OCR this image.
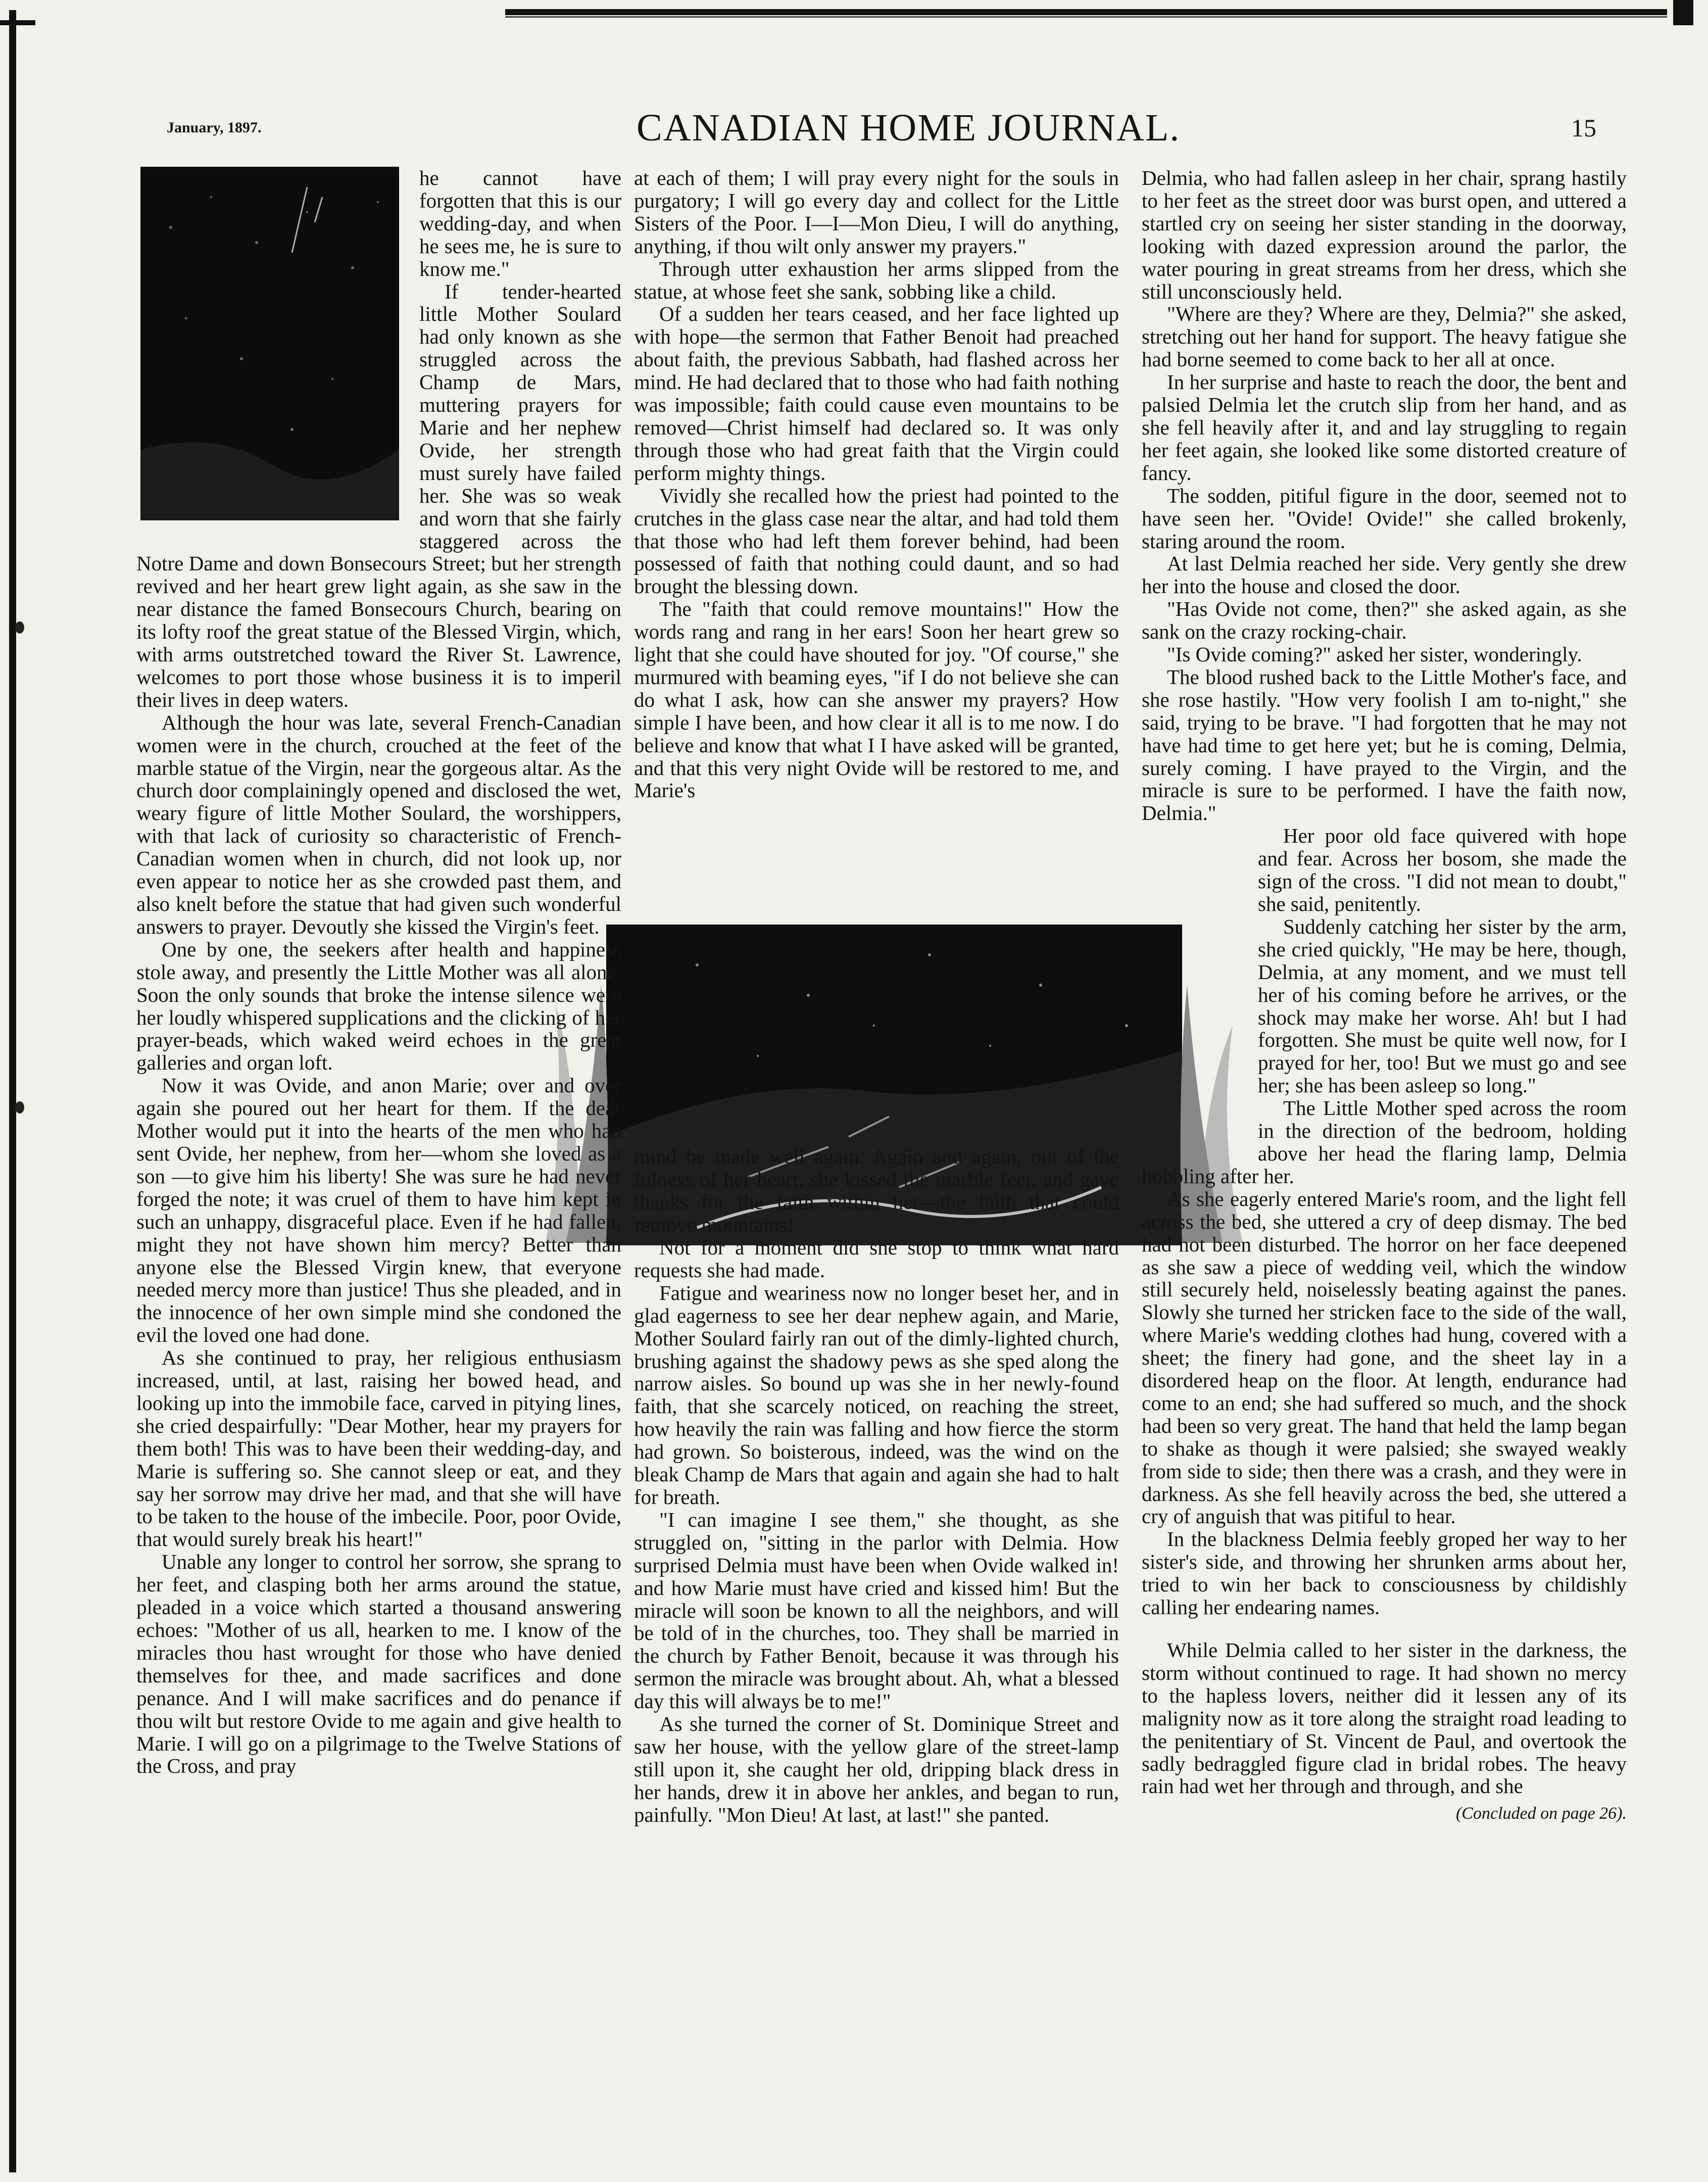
January, 1897.	CANADIAN HOME JOURNAL.	15

he cannot have forgotten that this is our wedding-day, and when he sees me, he is sure to know me."

If tender-hearted little Mother Soulard had only known as she struggled across the Champ de Mars, muttering prayers for Marie and her nephew Ovide, her strength must surely have failed her. She was so weak and worn that she fairly staggered across the Notre Dame and down Bonsecours Street; but her strength revived and her heart grew light again, as she saw in the near distance the famed Bonsecours Church, bearing on its lofty roof the great statue of the Blessed Virgin, which, with arms outstretched toward the River St. Lawrence, welcomes to port those whose business it is to imperil their lives in deep waters.

Although the hour was late, several French-Canadian women were in the church, crouched at the feet of the marble statue of the Virgin, near the gorgeous altar. As the church door complainingly opened and disclosed the wet, weary figure of little Mother Soulard, the worshippers, with that lack of curiosity so characteristic of French-Canadian women when in church, did not look up, nor even appear to notice her as she crowded past them, and also knelt before the statue that had given such wonderful answers to prayer. Devoutly she kissed the Virgin's feet.

One by one, the seekers after health and happiness stole away, and presently the Little Mother was all alone. Soon the only sounds that broke the intense silence were her loudly whispered supplications and the clicking of her prayer-beads, which waked weird echoes in the great galleries and organ loft.

Now it was Ovide, and anon Marie; over and over again she poured out her heart for them. If the dear Mother would put it into the hearts of the men who had sent Ovide, her nephew, from her—whom she loved as a son —to give him his liberty! She was sure he had never forged the note; it was cruel of them to have him kept in such an unhappy, disgraceful place. Even if he had fallen, might they not have shown him mercy? Better than anyone else the Blessed Virgin knew, that everyone needed mercy more than justice! Thus she pleaded, and in the innocence of her own simple mind she condoned the evil the loved one had done.

As she continued to pray, her religious enthusiasm increased, until, at last, raising her bowed head, and looking up into the immobile face, carved in pitying lines, she cried despairfully: "Dear Mother, hear my prayers for them both! This was to have been their wedding-day, and Marie is suffering so. She cannot sleep or eat, and they say her sorrow may drive her mad, and that she will have to be taken to the house of the imbecile. Poor, poor Ovide, that would surely break his heart!"

Unable any longer to control her sorrow, she sprang to her feet, and clasping both her arms around the statue, pleaded in a voice which started a thousand answering echoes: "Mother of us all, hearken to me. I know of the miracles thou hast wrought for those who have denied themselves for thee, and made sacrifices and done penance. And I will make sacrifices and do penance if thou wilt but restore Ovide to me again and give health to Marie. I will go on a pilgrimage to the Twelve Stations of the Cross, and pray

at each of them; I will pray every night for the souls in purgatory; I will go every day and collect for the Little Sisters of the Poor. I—I—Mon Dieu, I will do anything, anything, if thou wilt only answer my prayers."

Through utter exhaustion her arms slipped from the statue, at whose feet she sank, sobbing like a child.

Of a sudden her tears ceased, and her face lighted up with hope—the sermon that Father Benoit had preached about faith, the previous Sabbath, had flashed across her mind. He had declared that to those who had faith nothing was impossible; faith could cause even mountains to be removed—Christ himself had declared so. It was only through those who had great faith that the Virgin could perform mighty things.

Vividly she recalled how the priest had pointed to the crutches in the glass case near the altar, and had told them that those who had left them forever behind, had been possessed of faith that nothing could daunt, and so had brought the blessing down.

The "faith that could remove mountains!" How the words rang and rang in her ears! Soon her heart grew so light that she could have shouted for joy. "Of course," she murmured with beaming eyes, "if I do not believe she can do what I ask, how can she answer my prayers? How simple I have been, and how clear it all is to me now. I do believe and know that what I I have asked will be granted, and that this very night Ovide will be restored to me, and Marie's

mind be made well again. Again and again, out of the fulness of her heart, she kissed the marble feet, and gave thanks for the faith within her—the faith that could remove mountains!

Not for a moment did she stop to think what hard requests she had made.

Fatigue and weariness now no longer beset her, and in glad eagerness to see her dear nephew again, and Marie, Mother Soulard fairly ran out of the dimly-lighted church, brushing against the shadowy pews as she sped along the narrow aisles. So bound up was she in her newly-found faith, that she scarcely noticed, on reaching the street, how heavily the rain was falling and how fierce the storm had grown. So boisterous, indeed, was the wind on the bleak Champ de Mars that again and again she had to halt for breath.

"I can imagine I see them," she thought, as she struggled on, "sitting in the parlor with Delmia. How surprised Delmia must have been when Ovide walked in! and how Marie must have cried and kissed him! But the miracle will soon be known to all the neighbors, and will be told of in the churches, too. They shall be married in the church by Father Benoit, because it was through his sermon the miracle was brought about. Ah, what a blessed day this will always be to me!"

As she turned the corner of St. Dominique Street and saw her house, with the yellow glare of the street-lamp still upon it, she caught her old, dripping black dress in her hands, drew it in above her ankles, and began to run, painfully. "Mon Dieu! At last, at last!" she panted.

Delmia, who had fallen asleep in her chair, sprang hastily to her feet as the street door was burst open, and uttered a startled cry on seeing her sister standing in the doorway, looking with dazed expression around the parlor, the water pouring in great streams from her dress, which she still unconsciously held.

"Where are they? Where are they, Delmia?" she asked, stretching out her hand for support. The heavy fatigue she had borne seemed to come back to her all at once.

In her surprise and haste to reach the door, the bent and palsied Delmia let the crutch slip from her hand, and as she fell heavily after it, and and lay struggling to regain her feet again, she looked like some distorted creature of fancy.

The sodden, pitiful figure in the door, seemed not to have seen her. "Ovide! Ovide!" she called brokenly, staring around the room.

At last Delmia reached her side. Very gently she drew her into the house and closed the door.

"Has Ovide not come, then?" she asked again, as she sank on the crazy rocking-chair.

"Is Ovide coming?" asked her sister, wonderingly.

The blood rushed back to the Little Mother's face, and she rose hastily. "How very foolish I am to-night," she said, trying to be brave. "I had forgotten that he may not have had time to get here yet; but he is coming, Delmia, surely coming. I have prayed to the Virgin, and the miracle is sure to be performed. I have the faith now, Delmia."

Her poor old face quivered with hope and fear. Across her bosom, she made the sign of the cross. "I did not mean to doubt," she said, penitently.

Suddenly catching her sister by the arm, she cried quickly, "He may be here, though, Delmia, at any moment, and we must tell her of his coming before he arrives, or the shock may make her worse. Ah! but I had forgotten. She must be quite well now, for I prayed for her, too! But we must go and see her; she has been asleep so long."

The Little Mother sped across the room in the direction of the bedroom, holding above her head the flaring lamp, Delmia hobbling after her.

As she eagerly entered Marie's room, and the light fell across the bed, she uttered a cry of deep dismay. The bed had not been disturbed. The horror on her face deepened as she saw a piece of wedding veil, which the window still securely held, noiselessly beating against the panes. Slowly she turned her stricken face to the side of the wall, where Marie's wedding clothes had hung, covered with a sheet; the finery had gone, and the sheet lay in a disordered heap on the floor. At length, endurance had come to an end; she had suffered so much, and the shock had been so very great. The hand that held the lamp began to shake as though it were palsied; she swayed weakly from side to side; then there was a crash, and they were in darkness. As she fell heavily across the bed, she uttered a cry of anguish that was pitiful to hear.

In the blackness Delmia feebly groped her way to her sister's side, and throwing her shrunken arms about her, tried to win her back to consciousness by childishly calling her endearing names.

While Delmia called to her sister in the darkness, the storm without continued to rage. It had shown no mercy to the hapless lovers, neither did it lessen any of its malignity now as it tore along the straight road leading to the penitentiary of St. Vincent de Paul, and overtook the sadly bedraggled figure clad in bridal robes. The heavy rain had wet her through and through, and she

(Concluded on page 26).
